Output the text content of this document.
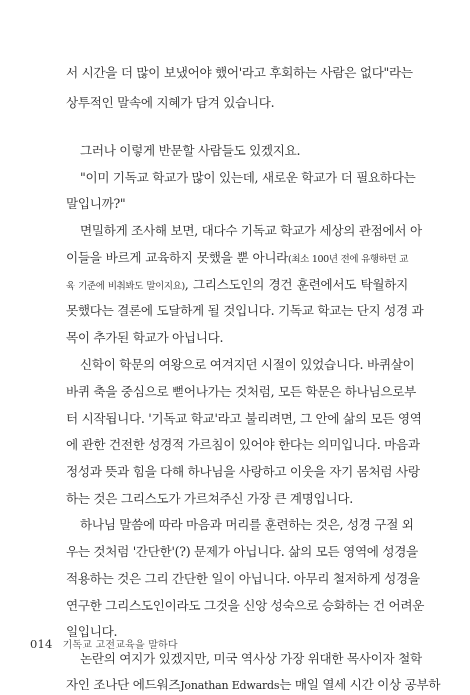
서 시간을 더 많이 보냈어야 했어'라고 후회하는 사람은 없다"라는
상투적인 말속에 지혜가 담겨 있습니다.
그러나 이렇게 반문할 사람들도 있겠지요.
"이미 기독교 학교가 많이 있는데, 새로운 학교가 더 필요하다는
말입니까?"
면밀하게 조사해 보면, 대다수 기독교 학교가 세상의 관점에서 아
이들을 바르게 교육하지 못했을 뿐 아니라(최소 100년 전에 유행하던 교
육 기준에 비춰봐도 말이지요), 그리스도인의 경건 훈련에서도 탁월하지
못했다는 결론에 도달하게 될 것입니다. 기독교 학교는 단지 성경 과
목이 추가된 학교가 아닙니다.
신학이 학문의 여왕으로 여겨지던 시절이 있었습니다. 바퀴살이
바퀴 축을 중심으로 뻗어나가는 것처럼, 모든 학문은 하나님으로부
터 시작됩니다. '기독교 학교'라고 불리려면, 그 안에 삶의 모든 영역
에 관한 건전한 성경적 가르침이 있어야 한다는 의미입니다. 마음과
정성과 뜻과 힘을 다해 하나님을 사랑하고 이웃을 자기 몸처럼 사랑
하는 것은 그리스도가 가르쳐주신 가장 큰 계명입니다.
하나님 말씀에 따라 마음과 머리를 훈련하는 것은, 성경 구절 외
우는 것처럼 '간단한'(?) 문제가 아닙니다. 삶의 모든 영역에 성경을
적용하는 것은 그리 간단한 일이 아닙니다. 아무리 철저하게 성경을
연구한 그리스도인이라도 그것을 신앙 성숙으로 승화하는 건 어려운
일입니다.
논란의 여지가 있겠지만, 미국 역사상 가장 위대한 목사이자 철학
자인 조나단 에드워즈Jonathan Edwards는 매일 열세 시간 이상 공부하
014 기독교 고전교육을 말하다
